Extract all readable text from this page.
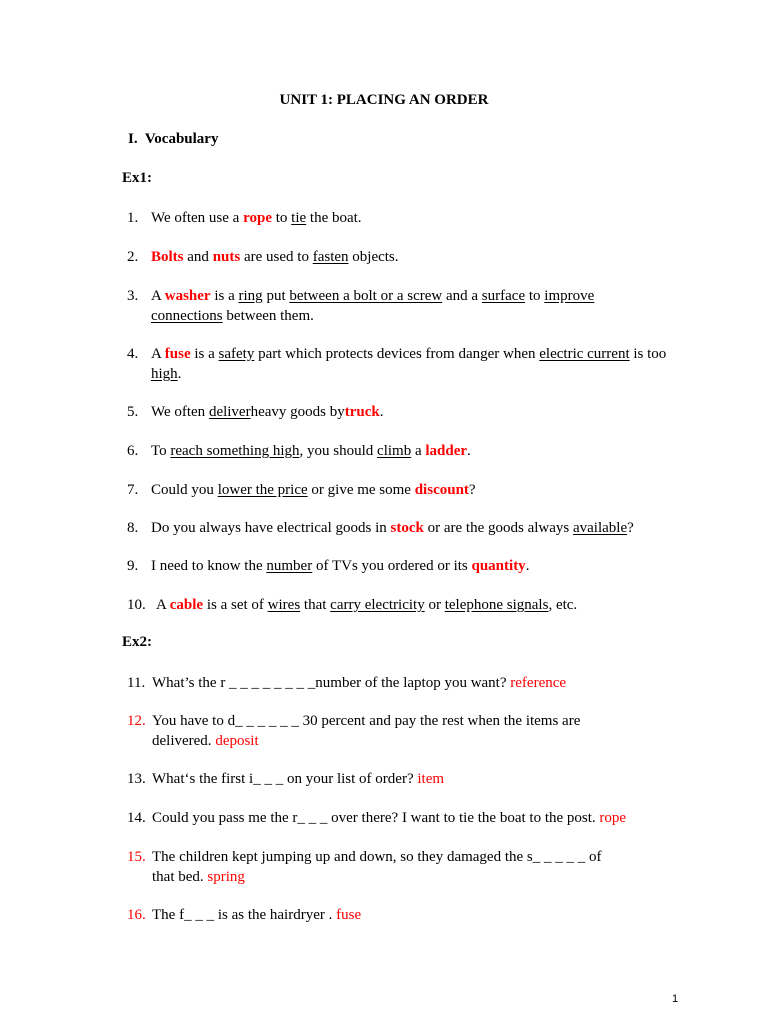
UNIT 1: PLACING AN ORDER
I. Vocabulary
Ex1:
1. We often use a rope to tie the boat.
2. Bolts and nuts are used to fasten objects.
3. A washer is a ring put between a bolt or a screw and a surface to improve
connections between them.
4. A fuse is a safety part which protects devices from danger when electric current is too high.
5. We often deliverheavy goods bytruck.
6. To reach something high, you should climb a ladder.
7. Could you lower the price or give me some discount?
8. Do you always have electrical goods in stock or are the goods always available?
9. I need to know the number of TVs you ordered or its quantity.
10. A cable is a set of wires that carry electricity or telephone signals, etc.
Ex2:
11. What’s the r _ _ _ _ _ _ _ _number of the laptop you want? reference
12. You have to d_ _ _ _ _ _ 30 percent and pay the rest when the items are
delivered. deposit
13. What‘s the first i_ _ _ on your list of order? item
14. Could you pass me the r_ _ _ over there? I want to tie the boat to the post. rope
15. The children kept jumping up and down, so they damaged the s_ _ _ _ _ of
that bed. spring
16. The f_ _ _ is as the hairdryer . fuse
1
